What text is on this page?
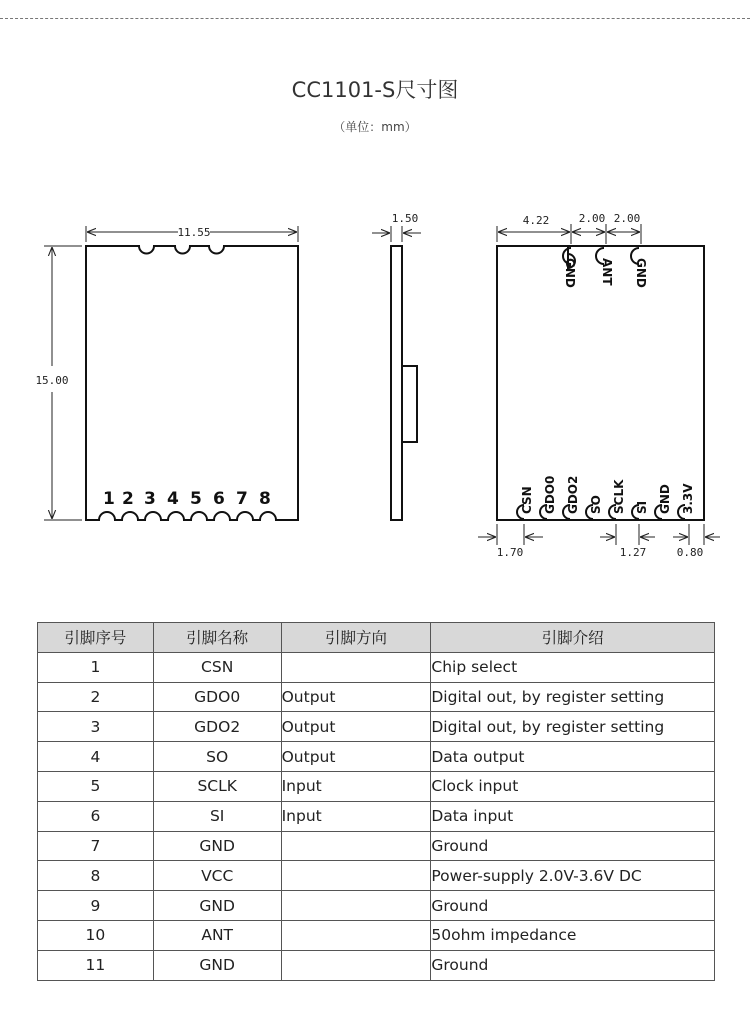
CC1101-S尺寸图
（单位：mm）
11.55
15.00
1 2 3 4 5 6 7 8
1.50
GND ANT GND
CSN GDO0 GDO2 SO SCLK SI GND 3.3V
4.22	2.00 2.00
1.70	1.27	0.80
引脚序号	引脚名称	引脚方向	引脚介绍
1	CSN		Chip select
2	GDO0	Output	Digital out, by register setting
3	GDO2	Output	Digital out, by register setting
4	SO	Output	Data output
5	SCLK	Input	Clock input
6	SI	Input	Data input
7	GND		Ground
8	VCC		Power-supply 2.0V-3.6V DC
9	GND		Ground
10	ANT		50ohm impedance
11	GND		Ground
